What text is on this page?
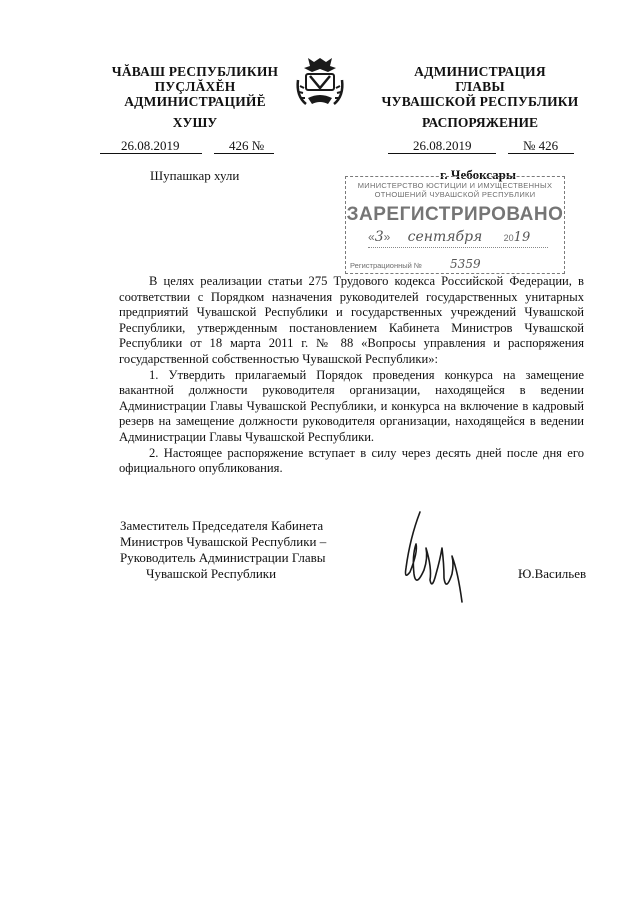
ЧĂВАШ РЕСПУБЛИКИН
ПУÇЛĂХĔН
АДМИНИСТРАЦИЙĔ
ХУШУ
26.08.2019	426 №
Шупашкар хули
АДМИНИСТРАЦИЯ
ГЛАВЫ
ЧУВАШСКОЙ РЕСПУБЛИКИ
РАСПОРЯЖЕНИЕ
26.08.2019	№ 426
г. Чебоксары
МИНИСТЕРСТВО ЮСТИЦИИ И ИМУЩЕСТВЕННЫХ
ОТНОШЕНИЙ ЧУВАШСКОЙ РЕСПУБЛИКИ
ЗАРЕГИСТРИРОВАНО
«3» сентября 2019
Регистрационный № 5359

В целях реализации статьи 275 Трудового кодекса Российской Федерации, в соответствии с Порядком назначения руководителей государственных унитарных предприятий Чувашской Республики и государственных учреждений Чувашской Республики, утвержденным постановлением Кабинета Министров Чувашской Республики от 18 марта 2011 г. № 88 «Вопросы управления и распоряжения государственной собственностью Чувашской Республики»:

1. Утвердить прилагаемый Порядок проведения конкурса на замещение вакантной должности руководителя организации, находящейся в ведении Администрации Главы Чувашской Республики, и конкурса на включение в кадровый резерв на замещение должности руководителя организации, находящейся в ведении Администрации Главы Чувашской Республики.

2. Настоящее распоряжение вступает в силу через десять дней после дня его официального опубликования.

Заместитель Председателя Кабинета
Министров Чувашской Республики –
Руководитель Администрации Главы
Чувашской Республики	Ю.Васильев
